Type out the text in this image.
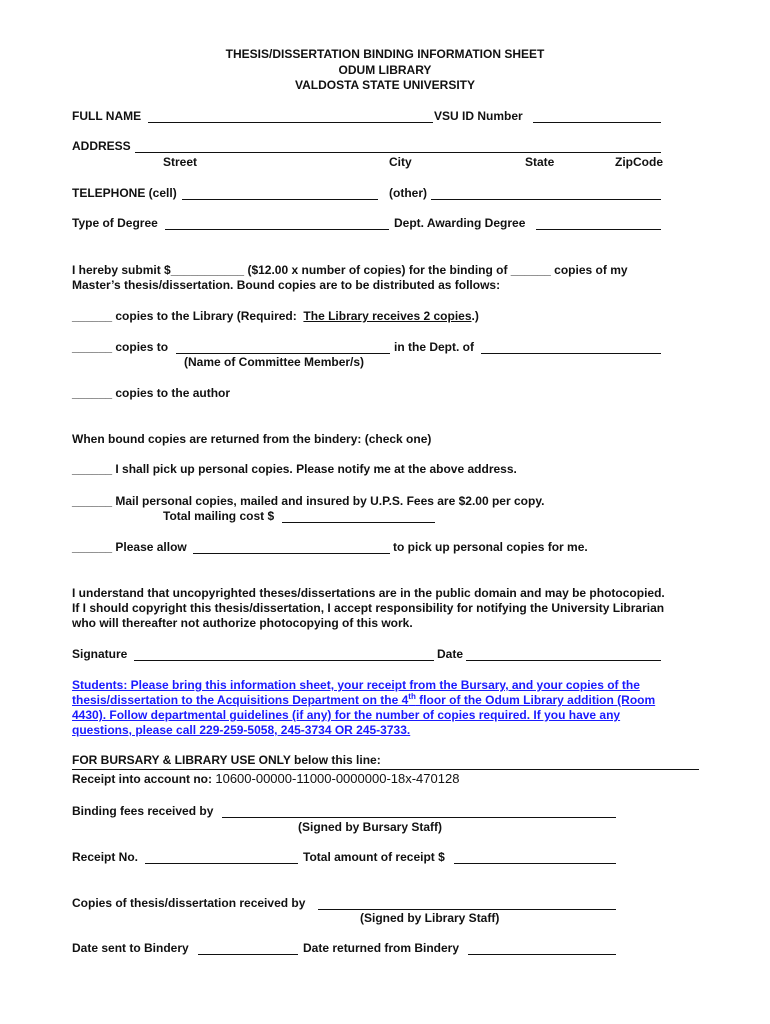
THESIS/DISSERTATION BINDING INFORMATION SHEET
ODUM LIBRARY
VALDOSTA STATE UNIVERSITY
FULL NAME	VSU ID Number
ADDRESS
Street	City	State	ZipCode
TELEPHONE (cell)	(other)
Type of Degree	Dept. Awarding Degree
I hereby submit $___________ ($12.00 x number of copies) for the binding of ______ copies of my
Master’s thesis/dissertation. Bound copies are to be distributed as follows:
______ copies to the Library (Required: The Library receives 2 copies.)
______ copies to	in the Dept. of
(Name of Committee Member/s)
______ copies to the author
When bound copies are returned from the bindery: (check one)
______ I shall pick up personal copies. Please notify me at the above address.
______ Mail personal copies, mailed and insured by U.P.S. Fees are $2.00 per copy.
Total mailing cost $
______ Please allow	to pick up personal copies for me.
I understand that uncopyrighted theses/dissertations are in the public domain and may be photocopied.
If I should copyright this thesis/dissertation, I accept responsibility for notifying the University Librarian
who will thereafter not authorize photocopying of this work.
Signature	Date
Students: Please bring this information sheet, your receipt from the Bursary, and your copies of the
thesis/dissertation to the Acquisitions Department on the 4th floor of the Odum Library addition (Room
4430). Follow departmental guidelines (if any) for the number of copies required. If you have any
questions, please call 229-259-5058, 245-3734 OR 245-3733.
FOR BURSARY & LIBRARY USE ONLY below this line:
Receipt into account no: 10600-00000-11000-0000000-18x-470128
Binding fees received by
(Signed by Bursary Staff)
Receipt No.	Total amount of receipt $
Copies of thesis/dissertation received by
(Signed by Library Staff)
Date sent to Bindery	Date returned from Bindery
